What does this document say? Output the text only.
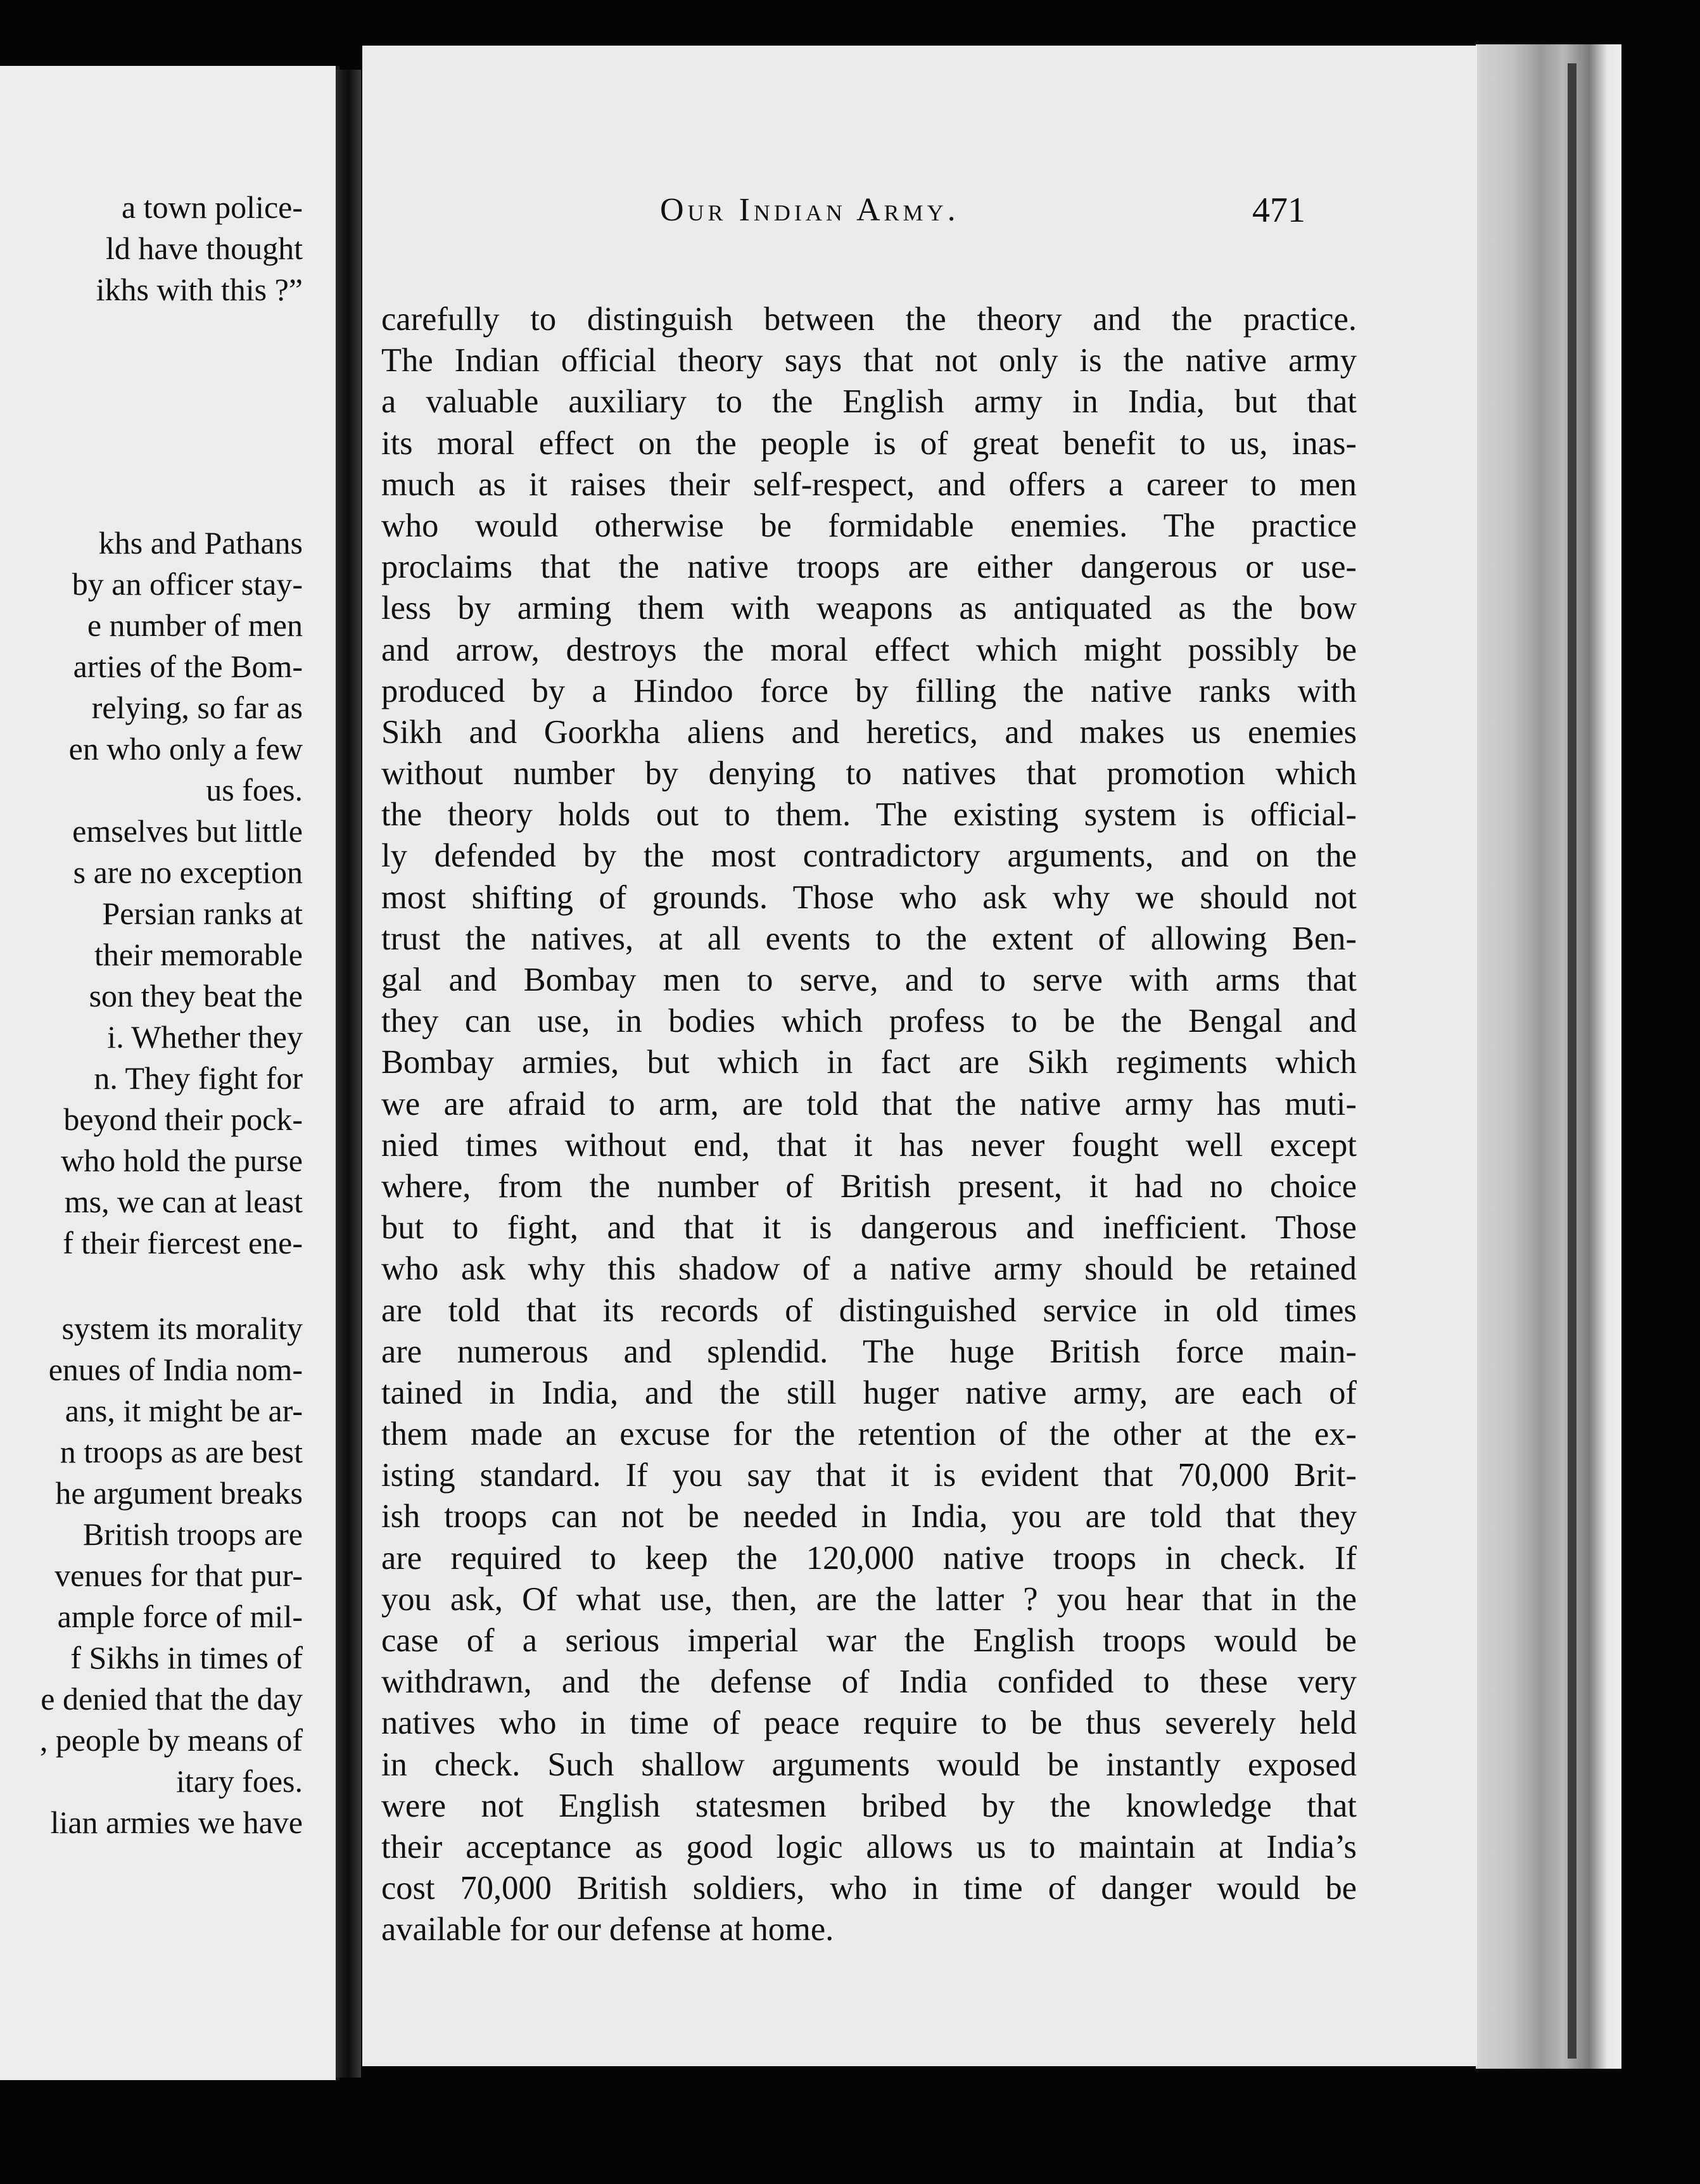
a town police-
ld have thought
ikhs with this ?”
khs and Pathans
by an officer stay-
e number of men
arties of the Bom-
relying, so far as
en who only a few
us foes.
emselves but little
s are no exception
Persian ranks at
their memorable
son they beat the
i. Whether they
n. They fight for
beyond their pock-
who hold the purse
ms, we can at least
f their fiercest ene-
system its morality
enues of India nom-
ans, it might be ar-
n troops as are best
he argument breaks
British troops are
venues for that pur-
ample force of mil-
f Sikhs in times of
e denied that the day
, people by means of
itary foes.
lian armies we have
Our Indian Army.	471
carefully to distinguish between the theory and the practice.
The Indian official theory says that not only is the native army
a valuable auxiliary to the English army in India, but that
its moral effect on the people is of great benefit to us, inas-
much as it raises their self-respect, and offers a career to men
who would otherwise be formidable enemies. The practice
proclaims that the native troops are either dangerous or use-
less by arming them with weapons as antiquated as the bow
and arrow, destroys the moral effect which might possibly be
produced by a Hindoo force by filling the native ranks with
Sikh and Goorkha aliens and heretics, and makes us enemies
without number by denying to natives that promotion which
the theory holds out to them. The existing system is official-
ly defended by the most contradictory arguments, and on the
most shifting of grounds. Those who ask why we should not
trust the natives, at all events to the extent of allowing Ben-
gal and Bombay men to serve, and to serve with arms that
they can use, in bodies which profess to be the Bengal and
Bombay armies, but which in fact are Sikh regiments which
we are afraid to arm, are told that the native army has muti-
nied times without end, that it has never fought well except
where, from the number of British present, it had no choice
but to fight, and that it is dangerous and inefficient. Those
who ask why this shadow of a native army should be retained
are told that its records of distinguished service in old times
are numerous and splendid. The huge British force main-
tained in India, and the still huger native army, are each of
them made an excuse for the retention of the other at the ex-
isting standard. If you say that it is evident that 70,000 Brit-
ish troops can not be needed in India, you are told that they
are required to keep the 120,000 native troops in check. If
you ask, Of what use, then, are the latter ? you hear that in the
case of a serious imperial war the English troops would be
withdrawn, and the defense of India confided to these very
natives who in time of peace require to be thus severely held
in check. Such shallow arguments would be instantly exposed
were not English statesmen bribed by the knowledge that
their acceptance as good logic allows us to maintain at India’s
cost 70,000 British soldiers, who in time of danger would be
available for our defense at home.
